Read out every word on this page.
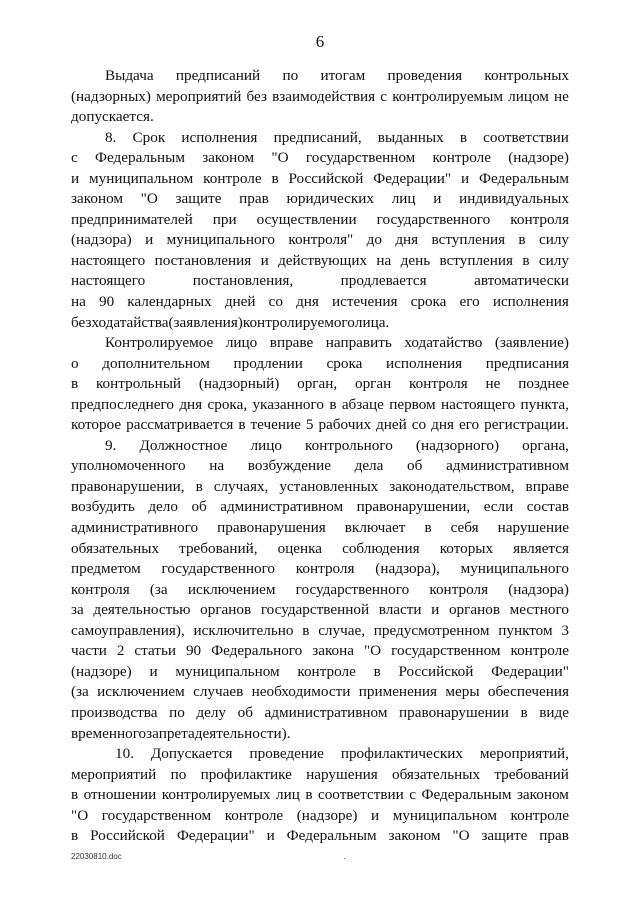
6
Выдача предписаний по итогам проведения контрольных
(надзорных) мероприятий без взаимодействия с контролируемым лицом не
допускается.
8. Срок исполнения предписаний, выданных в соответствии
с Федеральным законом "О государственном контроле (надзоре)
и муниципальном контроле в Российской Федерации" и Федеральным
законом "О защите прав юридических лиц и индивидуальных
предпринимателей при осуществлении государственного контроля
(надзора) и муниципального контроля" до дня вступления в силу
настоящего постановления и действующих на день вступления в силу
настоящего	постановления,	продлевается	автоматически
на 90 календарных дней со дня истечения срока его исполнения
без ходатайства (заявления) контролируемого лица.
Контролируемое лицо вправе направить ходатайство (заявление)
о дополнительном продлении срока исполнения предписания
в контрольный (надзорный) орган, орган контроля не позднее
предпоследнего дня срока, указанного в абзаце первом настоящего пункта,
которое рассматривается в течение 5 рабочих дней со дня его регистрации.
9. Должностное лицо контрольного (надзорного) органа,
уполномоченного на возбуждение дела об административном
правонарушении, в случаях, установленных законодательством, вправе
возбудить дело об административном правонарушении, если состав
административного правонарушения включает в себя нарушение
обязательных требований, оценка соблюдения которых является
предметом государственного контроля (надзора), муниципального
контроля (за исключением государственного контроля (надзора)
за деятельностью органов государственной власти и органов местного
самоуправления), исключительно в случае, предусмотренном пунктом 3
части 2 статьи 90 Федерального закона "О государственном контроле
(надзоре) и муниципальном контроле в Российской Федерации"
(за исключением случаев необходимости применения меры обеспечения
производства по делу об административном правонарушении в виде
временного запрета деятельности).
10. Допускается проведение профилактических мероприятий,
мероприятий по профилактике нарушения обязательных требований
в отношении контролируемых лиц в соответствии с Федеральным законом
"О государственном контроле (надзоре) и муниципальном контроле
в Российской Федерации" и Федеральным законом "О защите прав
22030810.doc
